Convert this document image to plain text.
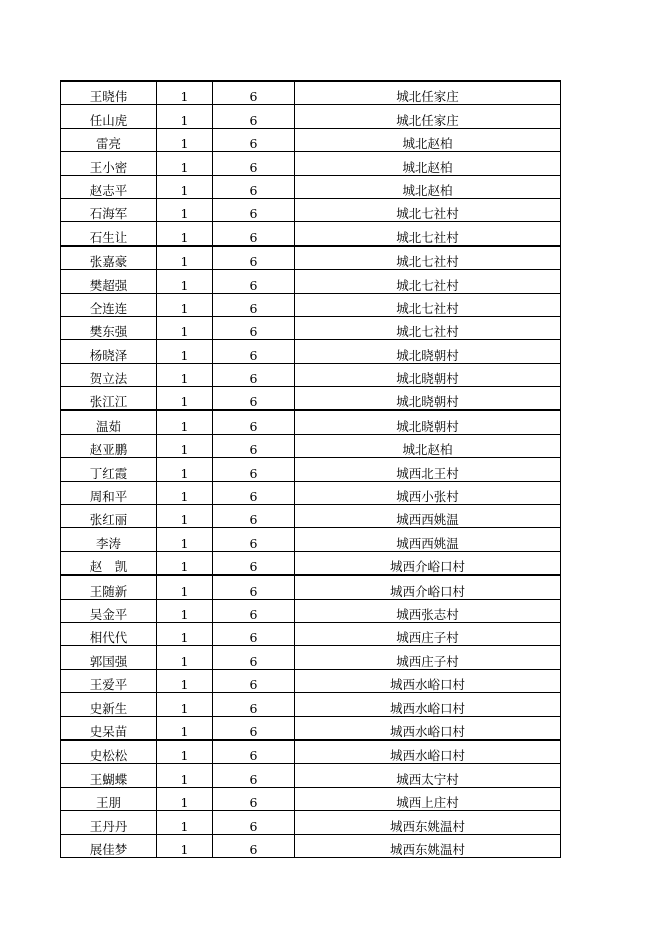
王晓伟	1	6	城北任家庄
任山虎	1	6	城北任家庄
雷亮	1	6	城北赵柏
王小密	1	6	城北赵柏
赵志平	1	6	城北赵柏
石海军	1	6	城北七社村
石生让	1	6	城北七社村
张嘉豪	1	6	城北七社村
樊超强	1	6	城北七社村
仝连连	1	6	城北七社村
樊东强	1	6	城北七社村
杨晓泽	1	6	城北晓朝村
贺立法	1	6	城北晓朝村
张江江	1	6	城北晓朝村
温茹	1	6	城北晓朝村
赵亚鹏	1	6	城北赵柏
丁红霞	1	6	城西北王村
周和平	1	6	城西小张村
张红丽	1	6	城西西姚温
李涛	1	6	城西西姚温
赵　凯	1	6	城西介峪口村
王随新	1	6	城西介峪口村
吴金平	1	6	城西张志村
相代代	1	6	城西庄子村
郭国强	1	6	城西庄子村
王爱平	1	6	城西水峪口村
史新生	1	6	城西水峪口村
史呆苗	1	6	城西水峪口村
史松松	1	6	城西水峪口村
王蝴蝶	1	6	城西太宁村
王朋	1	6	城西上庄村
王丹丹	1	6	城西东姚温村
展佳梦	1	6	城西东姚温村
